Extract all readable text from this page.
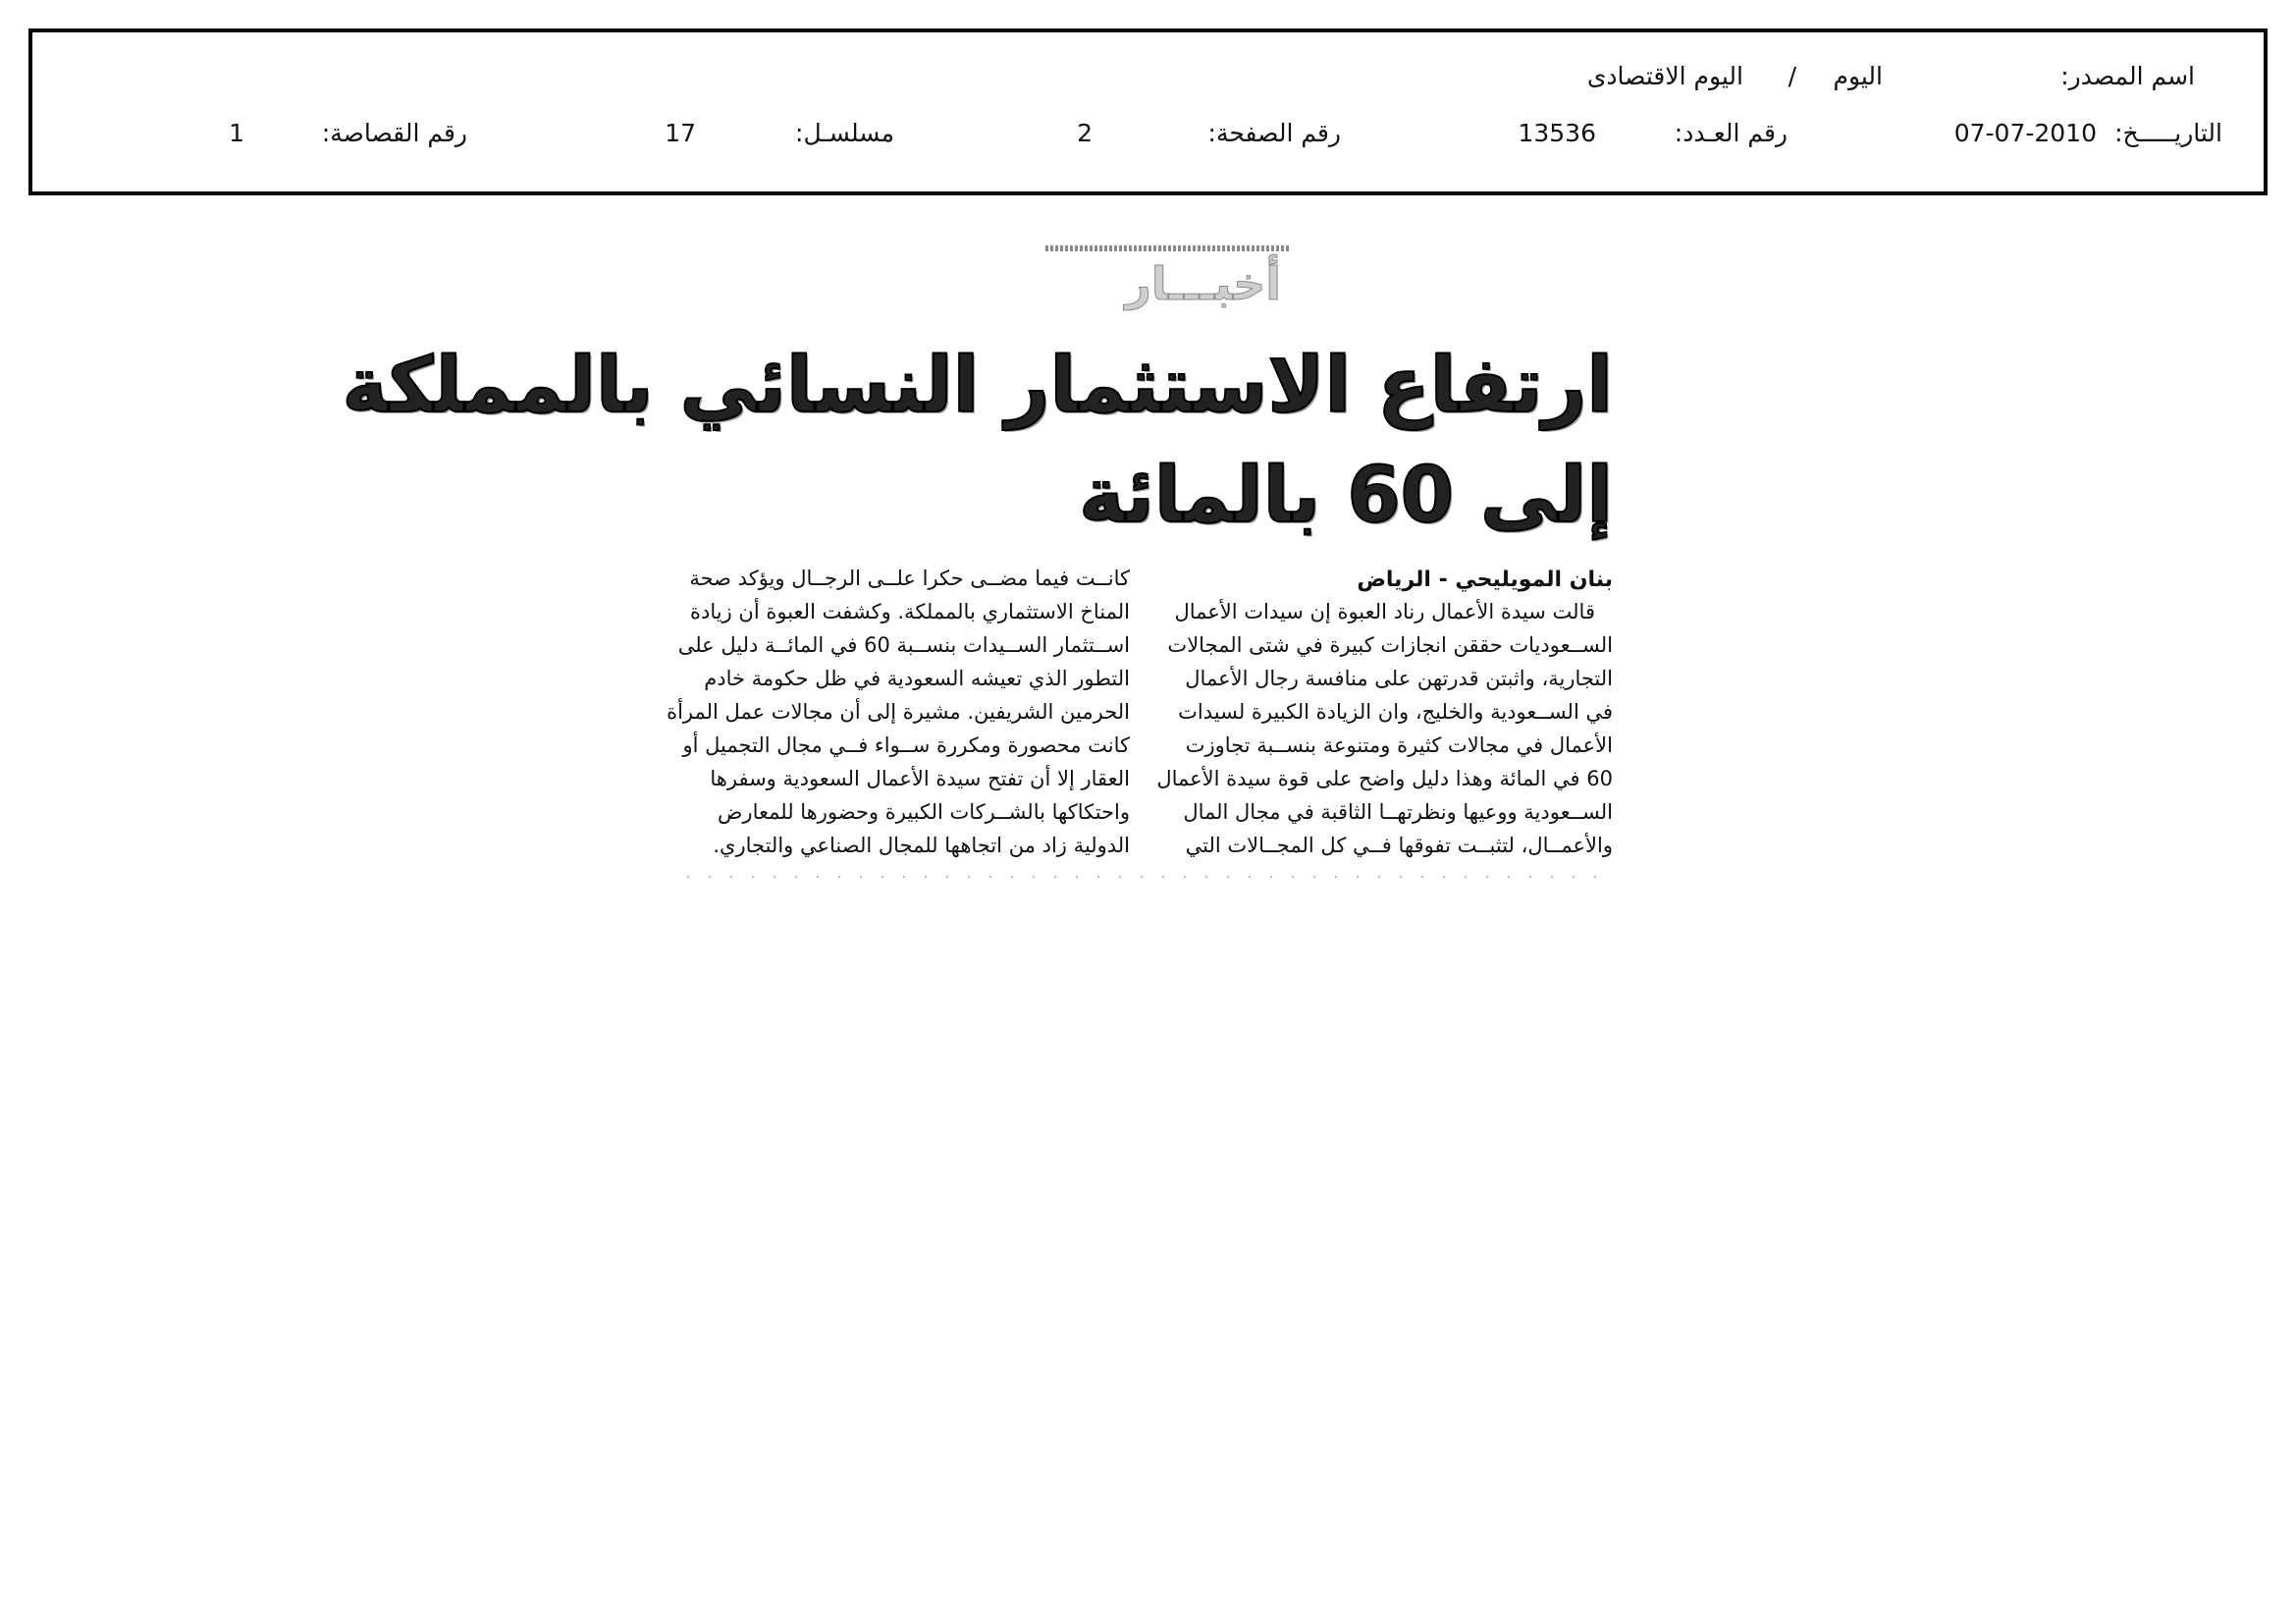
اسم المصدر:
اليوم
/
اليوم الاقتصادى
التاريـــــخ:
07-07-2010
رقم العـدد:
13536
رقم الصفحة:
2
مسلسـل:
17
رقم القصاصة:
1
أخبـــار
ارتفاع الاستثمار النسائي بالمملكة
إلى 60 بالمائة
بنان المويليحي - الرياض
قالت سيدة الأعمال رناد العبوة إن سيدات الأعمال
الســعوديات حققن انجازات كبيرة في شتى المجالات
التجارية، واثبتن قدرتهن على منافسة رجال الأعمال
في الســعودية والخليج، وان الزيادة الكبيرة لسيدات
الأعمال في مجالات كثيرة ومتنوعة بنســبة تجاوزت
60 في المائة وهذا دليل واضح على قوة سيدة الأعمال
الســعودية ووعيها ونظرتهــا الثاقبة في مجال المال
والأعمــال، لتثبــت تفوقها فــي كل المجــالات التي
كانــت فيما مضــى حكرا علــى الرجــال ويؤكد صحة
المناخ الاستثماري بالمملكة. وكشفت العبوة أن زيادة
اســتثمار الســيدات بنســبة 60 في المائــة دليل على
التطور الذي تعيشه السعودية في ظل حكومة خادم
الحرمين الشريفين. مشيرة إلى أن مجالات عمل المرأة
كانت محصورة ومكررة ســواء فــي مجال التجميل أو
العقار إلا أن تفتح سيدة الأعمال السعودية وسفرها
واحتكاكها بالشــركات الكبيرة وحضورها للمعارض
الدولية زاد من اتجاهها للمجال الصناعي والتجاري.
